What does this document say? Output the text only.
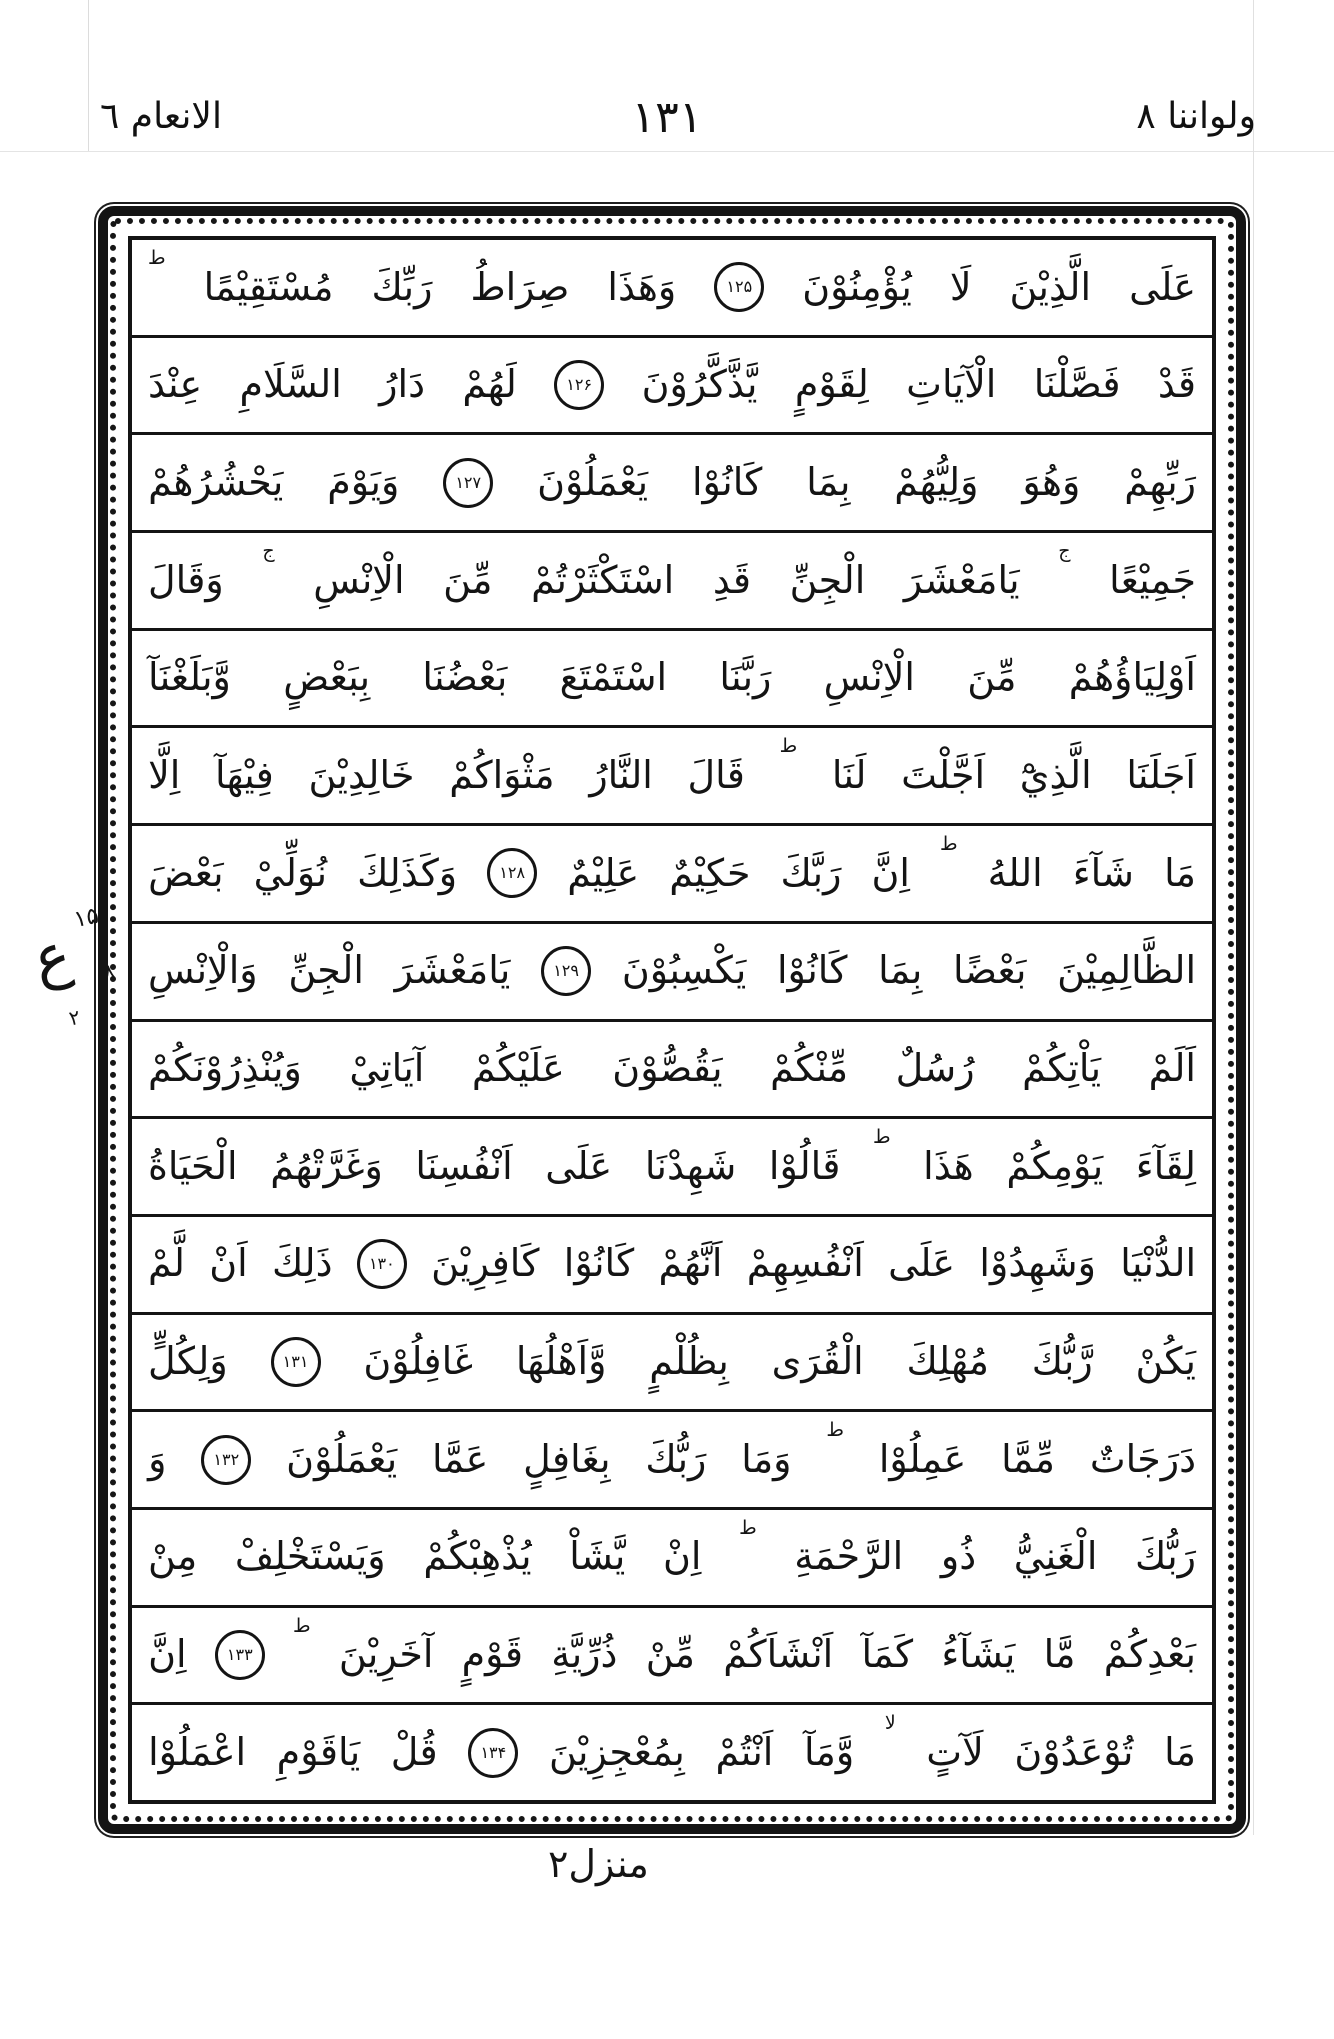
الانعام ٦	۱۳۱	ولواننا ۸
عَلَى
الَّذِيْنَ
لَا
يُؤْمِنُوْنَ
۱۲۵
وَهَذَا
صِرَاطُ
رَبِّكَ
مُسْتَقِيْمًا
ط
قَدْ
فَصَّلْنَا
الْآيَاتِ
لِقَوْمٍ
يَّذَّكَّرُوْنَ
۱۲۶
لَهُمْ
دَارُ
السَّلَامِ
عِنْدَ
رَبِّهِمْ
وَهُوَ
وَلِيُّهُمْ
بِمَا
كَانُوْا
يَعْمَلُوْنَ
۱۲۷
وَيَوْمَ
يَحْشُرُهُمْ
جَمِيْعًا
ج
يَامَعْشَرَ
الْجِنِّ
قَدِ
اسْتَكْثَرْتُمْ
مِّنَ
الْاِنْسِ
ج
وَقَالَ
اَوْلِيَاؤُهُمْ
مِّنَ
الْاِنْسِ
رَبَّنَا
اسْتَمْتَعَ
بَعْضُنَا
بِبَعْضٍ
وَّبَلَغْنَآ
اَجَلَنَا
الَّذِيْٓ
اَجَّلْتَ
لَنَا
ط
قَالَ
النَّارُ
مَثْوَاكُمْ
خَالِدِيْنَ
فِيْهَآ
اِلَّا
مَا
شَآءَ
اللهُ
ط
اِنَّ
رَبَّكَ
حَكِيْمٌ
عَلِيْمٌ
۱۲۸
وَكَذَلِكَ
نُوَلِّيْ
بَعْضَ
الظَّالِمِيْنَ
بَعْضًا
بِمَا
كَانُوْا
يَكْسِبُوْنَ
۱۲۹
يَامَعْشَرَ
الْجِنِّ
وَالْاِنْسِ
اَلَمْ
يَاْتِكُمْ
رُسُلٌ
مِّنْكُمْ
يَقُصُّوْنَ
عَلَيْكُمْ
آيَاتِيْ
وَيُنْذِرُوْنَكُمْ
لِقَآءَ
يَوْمِكُمْ
هَذَا
ط
قَالُوْا
شَهِدْنَا
عَلَى
اَنْفُسِنَا
وَغَرَّتْهُمُ
الْحَيَاةُ
الدُّنْيَا
وَشَهِدُوْا
عَلَى
اَنْفُسِهِمْ
اَنَّهُمْ
كَانُوْا
كَافِرِيْنَ
۱۳۰
ذَلِكَ
اَنْ
لَّمْ
يَكُنْ
رَّبُّكَ
مُهْلِكَ
الْقُرَى
بِظُلْمٍ
وَّاَهْلُهَا
غَافِلُوْنَ
۱۳۱
وَلِكُلٍّ
دَرَجَاتٌ
مِّمَّا
عَمِلُوْا
ط
وَمَا
رَبُّكَ
بِغَافِلٍ
عَمَّا
يَعْمَلُوْنَ
۱۳۲
وَ
رَبُّكَ
الْغَنِيُّ
ذُو
الرَّحْمَةِ
ط
اِنْ
يَّشَاْ
يُذْهِبْكُمْ
وَيَسْتَخْلِفْ
مِنْ
بَعْدِكُمْ
مَّا
يَشَآءُ
كَمَآ
اَنْشَاَكُمْ
مِّنْ
ذُرِّيَّةِ
قَوْمٍ
آخَرِيْنَ
ط
۱۳۳
اِنَّ
مَا
تُوْعَدُوْنَ
لَآتٍ
لا
وَّمَآ
اَنْتُمْ
بِمُعْجِزِيْنَ
۱۳۴
قُلْ
يَاقَوْمِ
اعْمَلُوْا
۱۵
ع ۸
۲
منزل۲
